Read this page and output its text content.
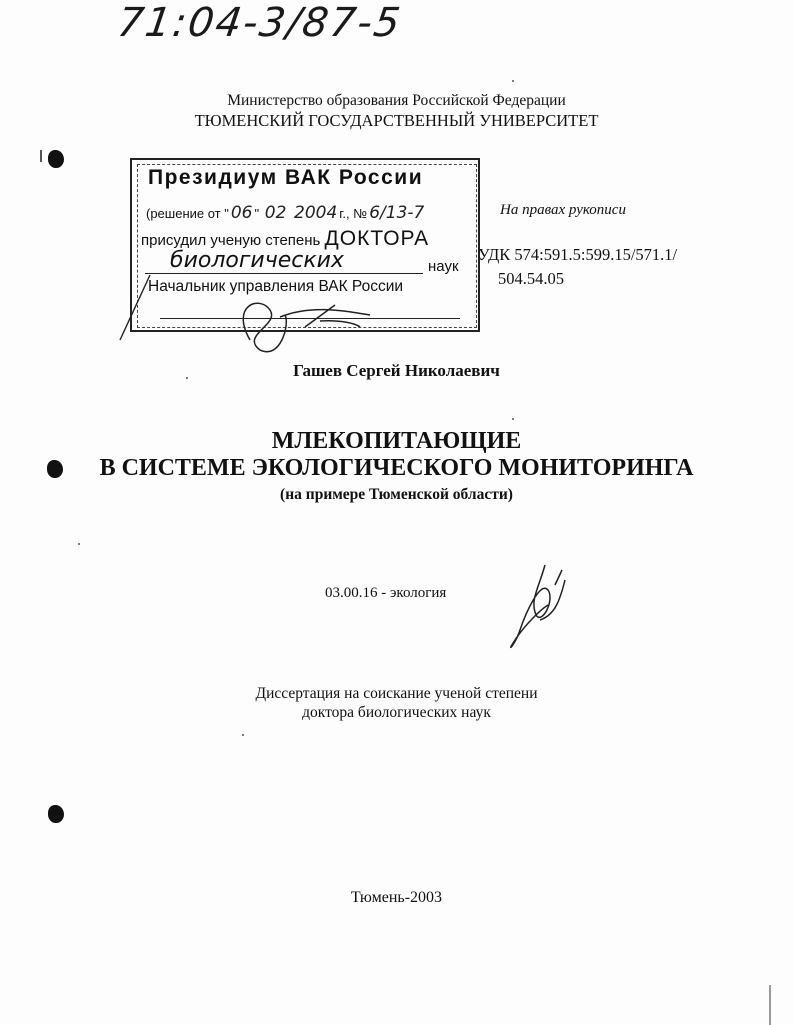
71:04-3/87-5
Министерство образования Российской Федерации
ТЮМЕНСКИЙ ГОСУДАРСТВЕННЫЙ УНИВЕРСИТЕТ
Президиум ВАК России
(решение от " 06 " 02 2004 г., № 6/13-7
присудил ученую степень ДОКТОРА
биологических	наук
Начальник управления ВАК России
На правах рукописи
УДК 574:591.5:599.15/571.1/
504.54.05
Гашев Сергей Николаевич
МЛЕКОПИТАЮЩИЕ
В СИСТЕМЕ ЭКОЛОГИЧЕСКОГО МОНИТОРИНГА
(на примере Тюменской области)
03.00.16 - экология
Диссертация на соискание ученой степени
доктора биологических наук
Тюмень-2003
